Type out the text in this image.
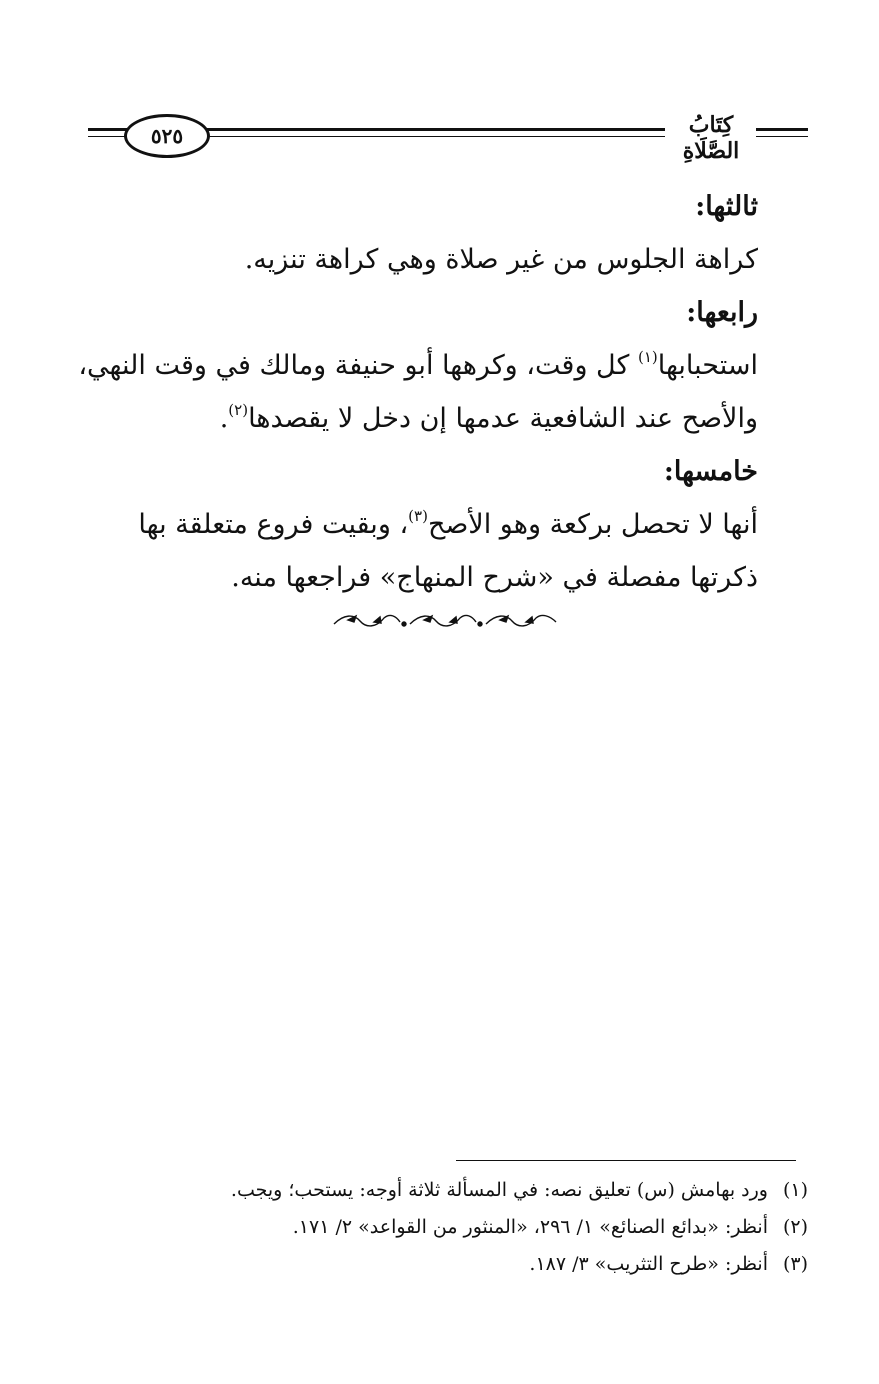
٥٢٥	كِتَابُ الصَّلَاةِ

ثالثها:

كراهة الجلوس من غير صلاة وهي كراهة تنزيه.

رابعها:

استحبابها$^{(١)}$ كل وقت، وكرهها أبو حنيفة ومالك في وقت النهي، والأصح عند الشافعية عدمها إن دخل لا يقصدها$^{(٢)}$.

خامسها:

أنها لا تحصل بركعة وهو الأصح$^{(٣)}$، وبقيت فروع متعلقة بها ذكرتها مفصلة في «شرح المنهاج» فراجعها منه.

(١)
ورد بهامش (س) تعليق نصه: في المسألة ثلاثة أوجه: يستحب؛ ويجب.
(٢)
أنظر: «بدائع الصنائع» ١/ ٢٩٦، «المنثور من القواعد» ٢/ ١٧١.
(٣)
أنظر: «طرح التثريب» ٣/ ١٨٧.
